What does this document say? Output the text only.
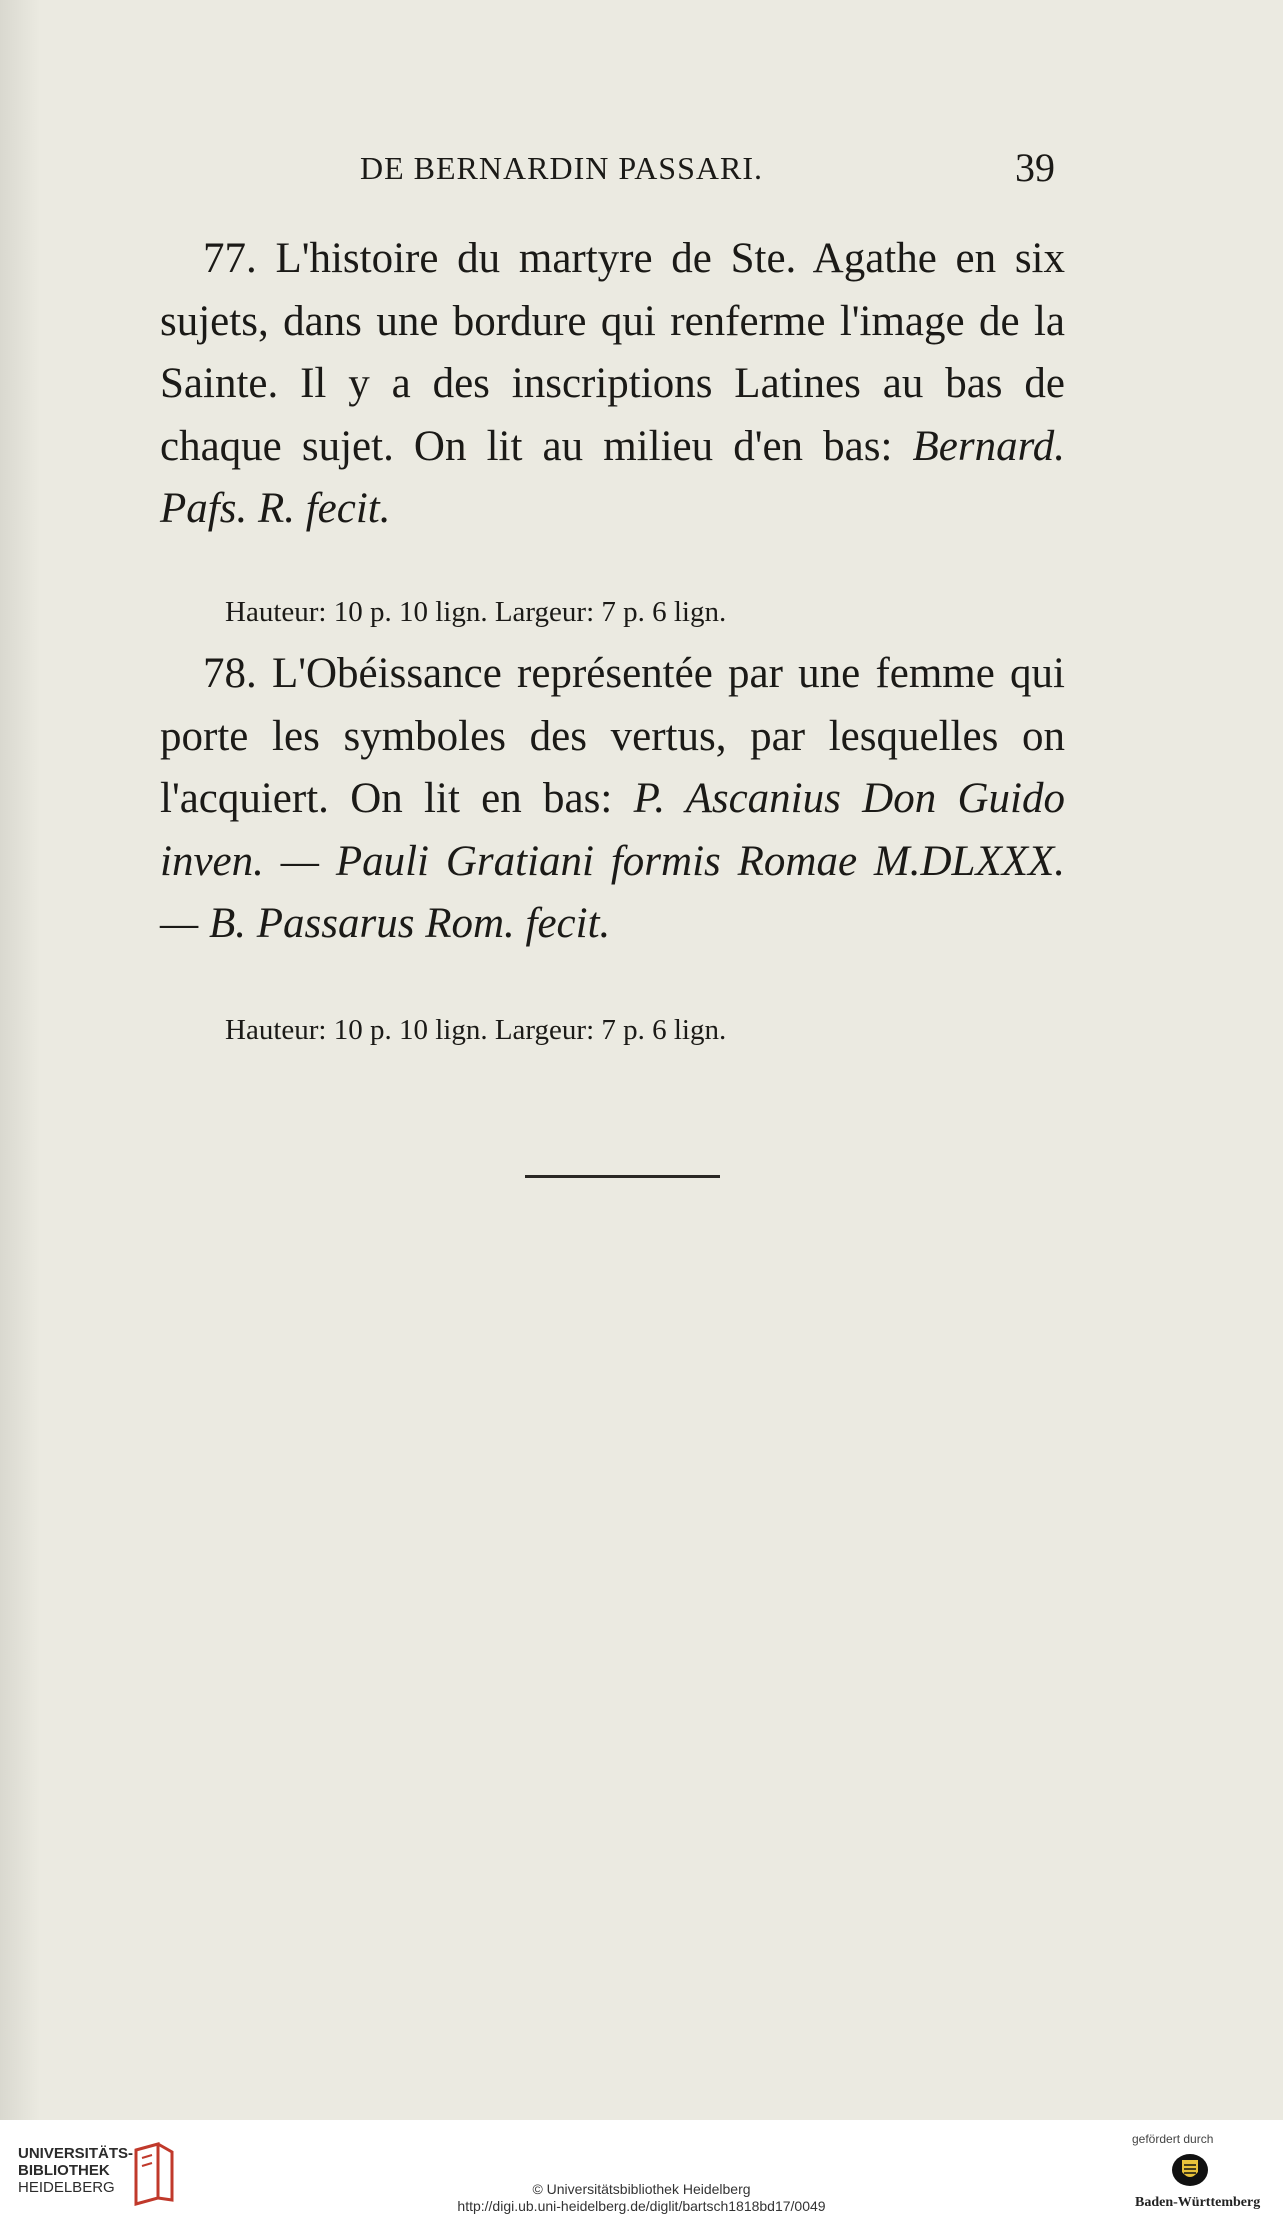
DE BERNARDIN PASSARI.	39

 77. L'histoire du martyre de Ste. Agathe en six sujets, dans une bordure qui renferme l'image de la Sainte. Il y a des inscriptions Latines au bas de chaque sujet. On lit au milieu d'en bas: Bernard. Pafs. R. fecit.

Hauteur: 10 p. 10 lign. Largeur: 7 p. 6 lign.

 78. L'Obéissance représentée par une femme qui porte les symboles des vertus, par lesquelles on l'acquiert. On lit en bas: P. Ascanius Don Guido inven. — Pauli Gratiani formis Romae M.DLXXX. — B. Passarus Rom. fecit.

Hauteur: 10 p. 10 lign. Largeur: 7 p. 6 lign.

UNIVERSITÄTS-
BIBLIOTHEK
HEIDELBERG	© Universitätsbibliothek Heidelberg
http://digi.ub.uni-heidelberg.de/diglit/bartsch1818bd17/0049
gefördert durch
Baden-Württemberg
